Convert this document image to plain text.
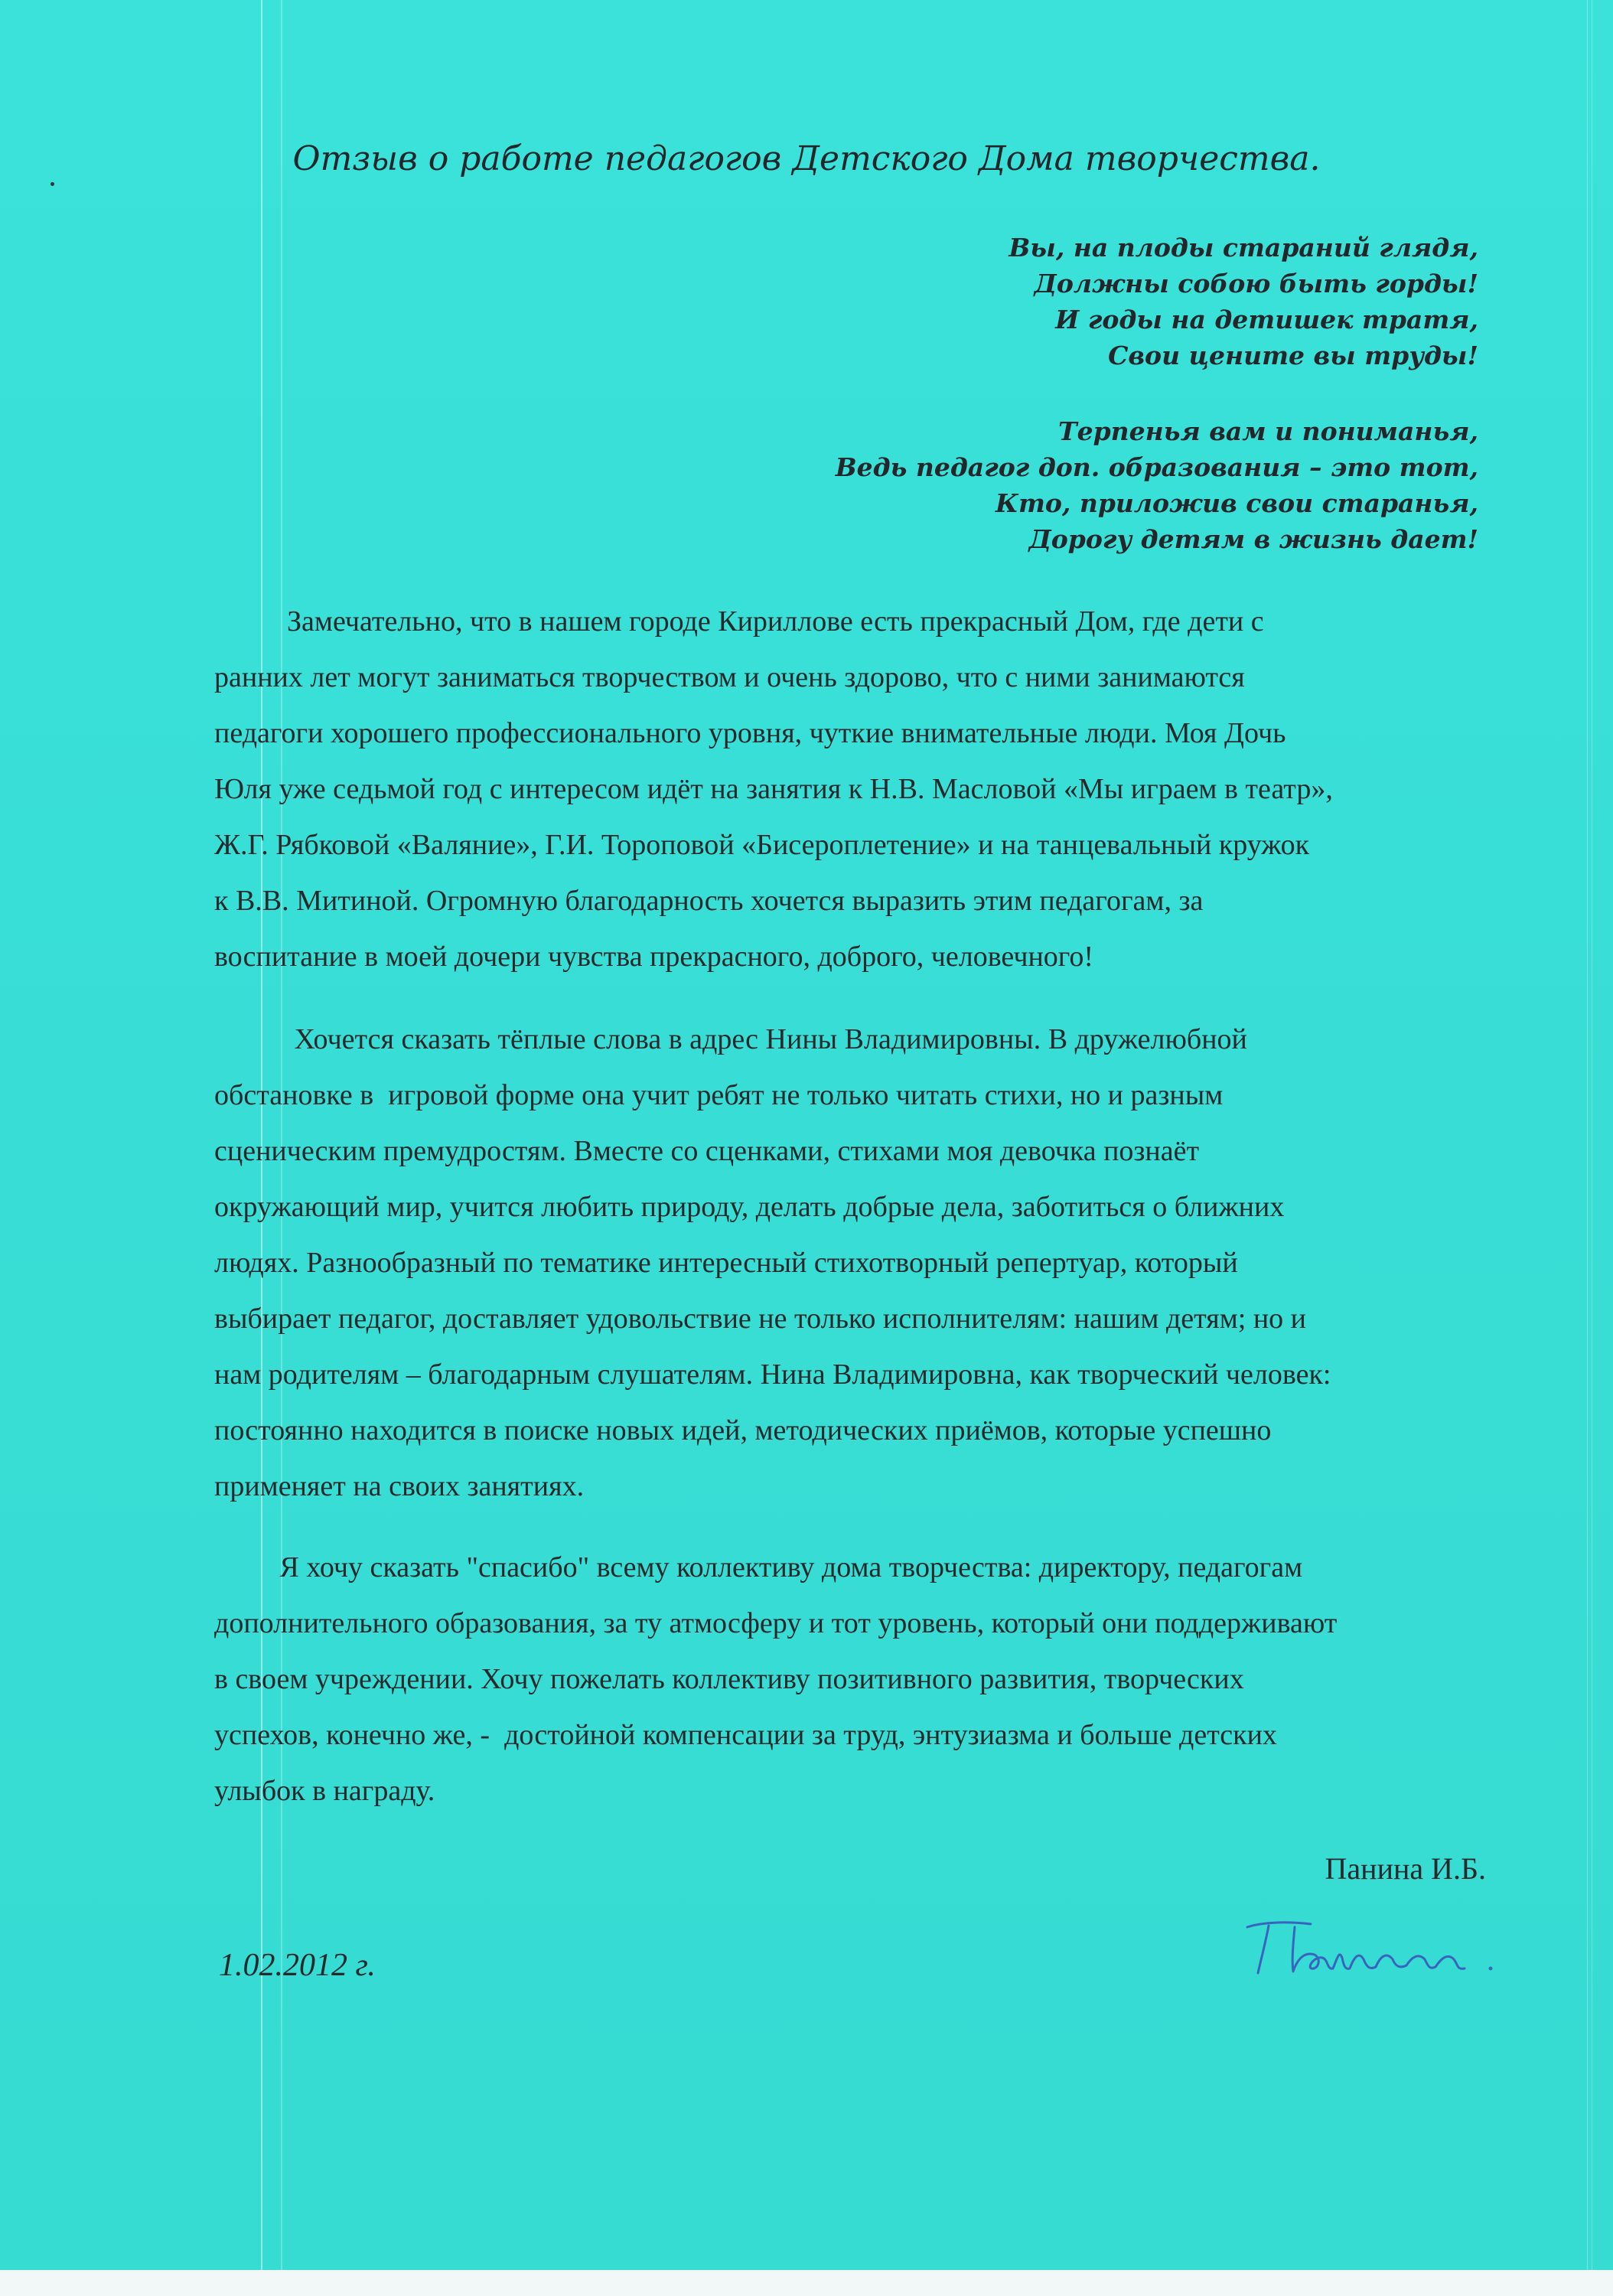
Отзыв о работе педагогов Детского Дома творчества.
Вы, на плоды стараний глядя,
Должны собою быть горды!
И годы на детишек тратя,
Свои цените вы труды!
Терпенья вам и пониманья,
Ведь педагог доп. образования – это тот,
Кто, приложив свои старанья,
Дорогу детям в жизнь дает!
Замечательно, что в нашем городе Кириллове есть прекрасный Дом, где дети с
ранних лет могут заниматься творчеством и очень здорово, что с ними занимаются
педагоги хорошего профессионального уровня, чуткие внимательные люди. Моя Дочь
Юля уже седьмой год с интересом идёт на занятия к Н.В. Масловой «Мы играем в театр»,
Ж.Г. Рябковой «Валяние», Г.И. Тороповой «Бисероплетение» и на танцевальный кружок
к В.В. Митиной. Огромную благодарность хочется выразить этим педагогам, за
воспитание в моей дочери чувства прекрасного, доброго, человечного!
Хочется сказать тёплые слова в адрес Нины Владимировны. В дружелюбной
обстановке в  игровой форме она учит ребят не только читать стихи, но и разным
сценическим премудростям. Вместе со сценками, стихами моя девочка познаёт
окружающий мир, учится любить природу, делать добрые дела, заботиться о ближних
людях. Разнообразный по тематике интересный стихотворный репертуар, который
выбирает педагог, доставляет удовольствие не только исполнителям: нашим детям; но и
нам родителям – благодарным слушателям. Нина Владимировна, как творческий человек:
постоянно находится в поиске новых идей, методических приёмов, которые успешно
применяет на своих занятиях.
Я хочу сказать "спасибо" всему коллективу дома творчества: директору, педагогам
дополнительного образования, за ту атмосферу и тот уровень, который они поддерживают
в своем учреждении. Хочу пожелать коллективу позитивного развития, творческих
успехов, конечно же, -  достойной компенсации за труд, энтузиазма и больше детских
улыбок в награду.
Панина И.Б.
1.02.2012 г.
